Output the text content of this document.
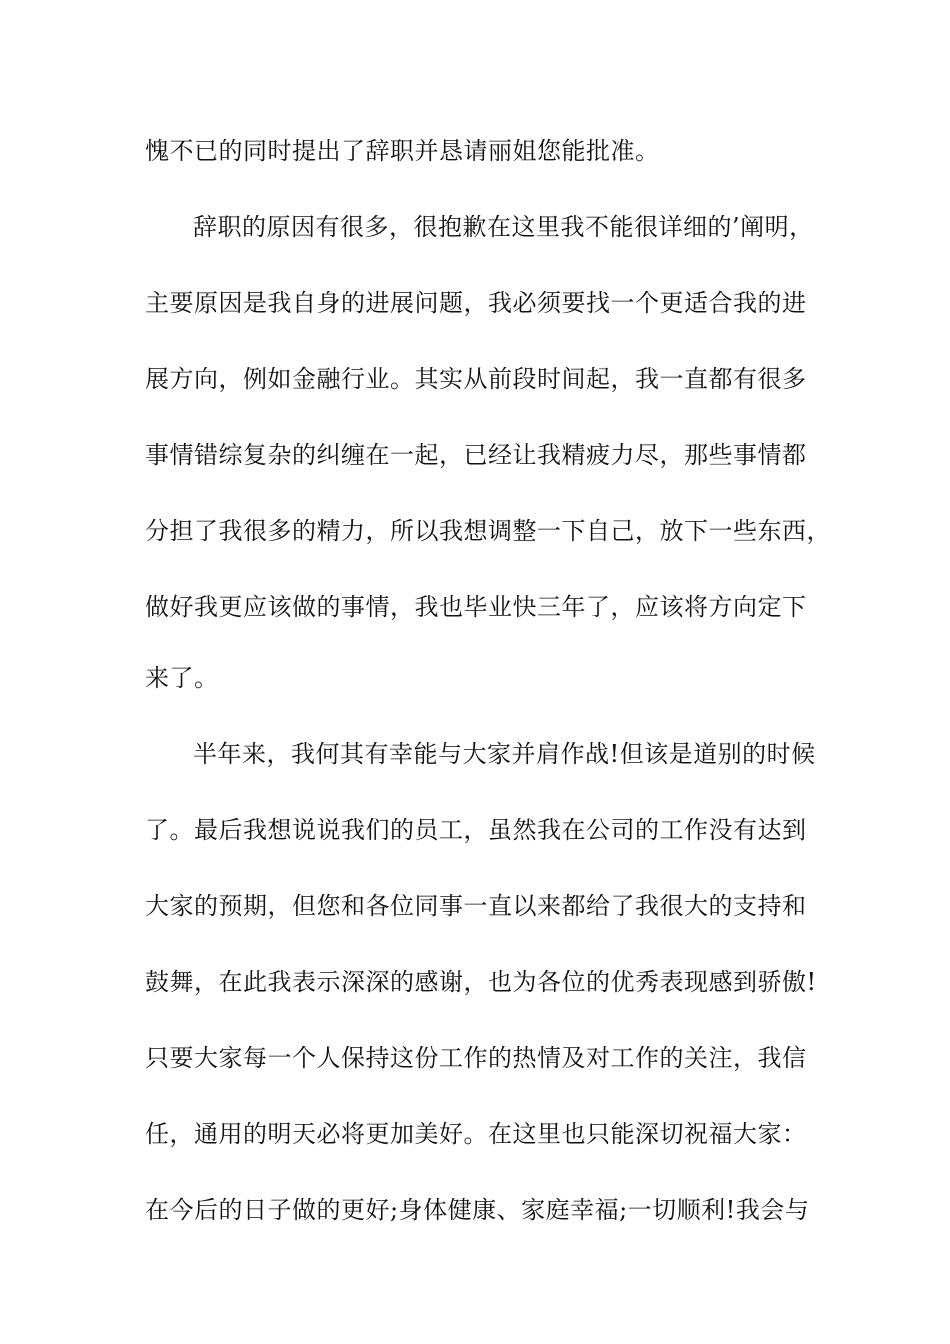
愧不已的同时提出了辞职并恳请丽姐您能批准。
辞职的原因有很多，很抱歉在这里我不能很详细的’阐明，
主要原因是我自身的进展问题，我必须要找一个更适合我的进
展方向，例如金融行业。其实从前段时间起，我一直都有很多
事情错综复杂的纠缠在一起，已经让我精疲力尽，那些事情都
分担了我很多的精力，所以我想调整一下自己，放下一些东西，
做好我更应该做的事情，我也毕业快三年了，应该将方向定下
来了。
半年来，我何其有幸能与大家并肩作战!但该是道别的时候
了。最后我想说说我们的员工，虽然我在公司的工作没有达到
大家的预期，但您和各位同事一直以来都给了我很大的支持和
鼓舞，在此我表示深深的感谢，也为各位的优秀表现感到骄傲!
只要大家每一个人保持这份工作的热情及对工作的关注，我信
任，通用的明天必将更加美好。在这里也只能深切祝福大家：
在今后的日子做的更好;身体健康、家庭幸福;一切顺利!我会与
